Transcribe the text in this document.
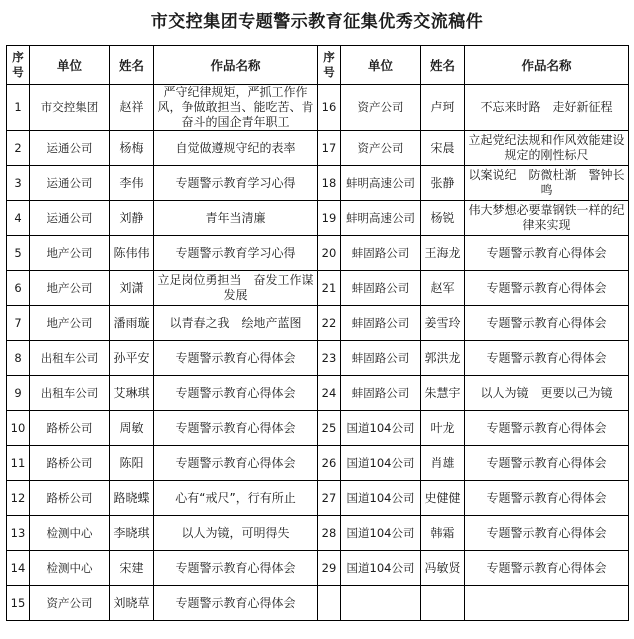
市交控集团专题警示教育征集优秀交流稿件
序号	单位	姓名	作品名称	序号	单位	姓名	作品名称
1	市交控集团	赵祥	严守纪律规矩，严抓工作作风，争做敢担当、能吃苦、肯奋斗的国企青年职工	16	资产公司	卢珂	不忘来时路　走好新征程
2	运通公司	杨梅	自觉做遵规守纪的表率	17	资产公司	宋晨	立起党纪法规和作风效能建设规定的刚性标尺
3	运通公司	李伟	专题警示教育学习心得	18	蚌明高速公司	张静	以案说纪　防微杜渐　警钟长鸣
4	运通公司	刘静	青年当清廉	19	蚌明高速公司	杨锐	伟大梦想必要靠钢铁一样的纪律来实现
5	地产公司	陈伟伟	专题警示教育学习心得	20	蚌固路公司	王海龙	专题警示教育心得体会
6	地产公司	刘潇	立足岗位勇担当　奋发工作谋发展	21	蚌固路公司	赵军	专题警示教育心得体会
7	地产公司	潘雨璇	以青春之我　绘地产蓝图	22	蚌固路公司	姜雪玲	专题警示教育心得体会
8	出租车公司	孙平安	专题警示教育心得体会	23	蚌固路公司	郭洪龙	专题警示教育心得体会
9	出租车公司	艾琳琪	专题警示教育心得体会	24	蚌固路公司	朱慧宇	以人为镜　更要以己为镜
10	路桥公司	周敏	专题警示教育心得体会	25	国道104公司	叶龙	专题警示教育心得体会
11	路桥公司	陈阳	专题警示教育心得体会	26	国道104公司	肖雄	专题警示教育心得体会
12	路桥公司	路晓蝶	心有“戒尺”，行有所止	27	国道104公司	史健健	专题警示教育心得体会
13	检测中心	李晓琪	以人为镜，可明得失	28	国道104公司	韩霜	专题警示教育心得体会
14	检测中心	宋建	专题警示教育心得体会	29	国道104公司	冯敏贤	专题警示教育心得体会
15	资产公司	刘晓草	专题警示教育心得体会				
